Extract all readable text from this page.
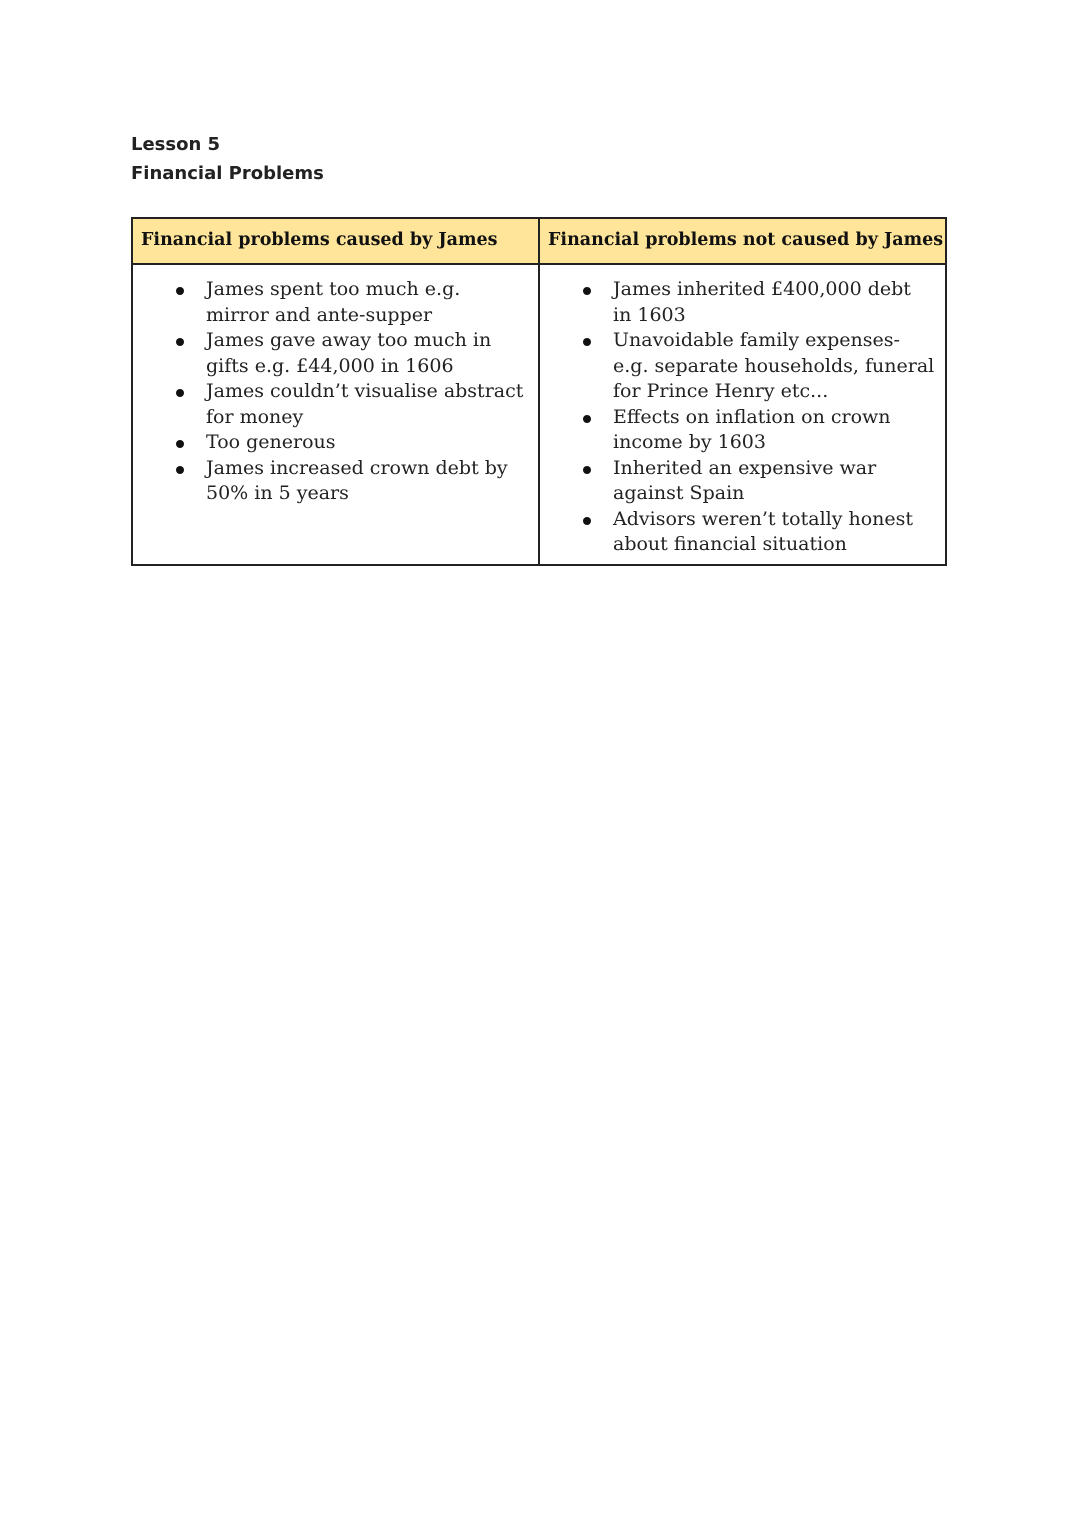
Lesson 5
Financial Problems
Financial problems caused by James	Financial problems not caused by James
James spent too much e.g. mirror and ante-supper
James gave away too much in gifts e.g. £44,000 in 1606
James couldn’t visualise abstract for money
Too generous
James increased crown debt by 50% in 5 years
James inherited £400,000 debt in 1603
Unavoidable family expenses- e.g. separate households, funeral for Prince Henry etc...
Effects on inflation on crown income by 1603
Inherited an expensive war against Spain
Advisors weren’t totally honest about financial situation
